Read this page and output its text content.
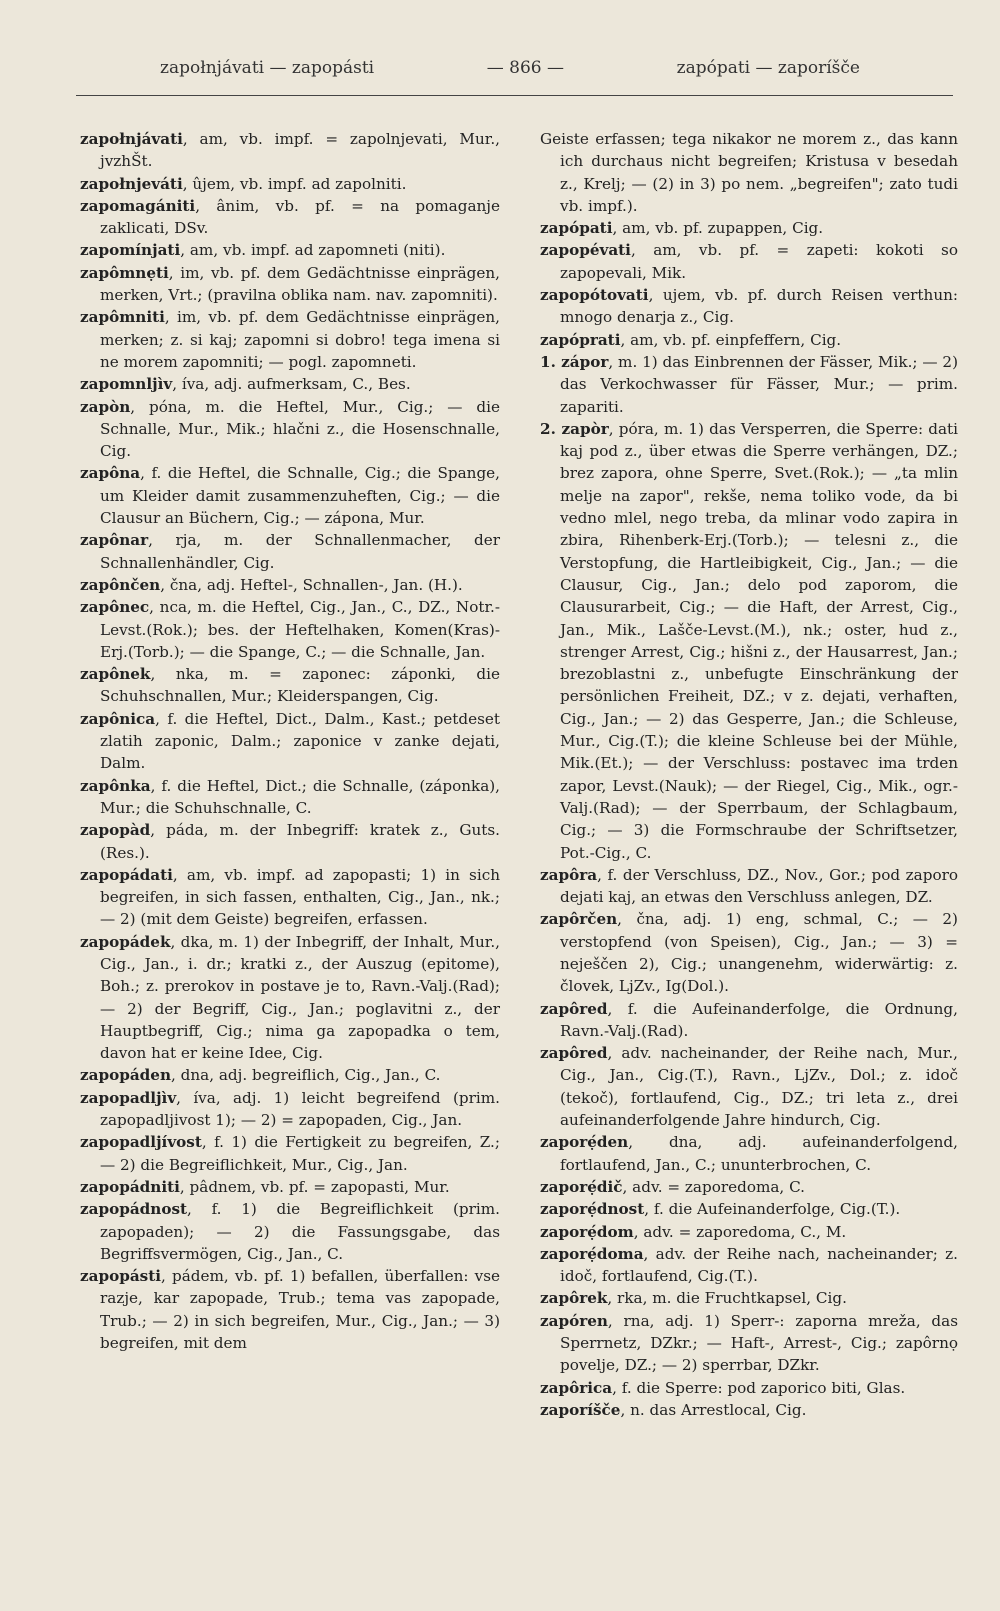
zapołnjávati — zapopásti	— 866 —	zapópati — zaporíšče

zapołnjávati, am, vb. impf. = zapolnjevati, Mur., jvzhŠt.

zapołnjeváti, ûjem, vb. impf. ad zapolniti.

zapomagániti, ânim, vb. pf. = na pomaganje zaklicati, DSv.

zapomínjati, am, vb. impf. ad zapomneti (niti).

zapômnẹti, im, vb. pf. dem Gedächtnisse einprägen, merken, Vrt.; (pravilna oblika nam. nav. zapomniti).

zapômniti, im, vb. pf. dem Gedächtnisse einprägen, merken; z. si kaj; zapomni si dobro! tega imena si ne morem zapomniti; — pogl. zapomneti.

zapomnljìv, íva, adj. aufmerksam, C., Bes.

zapòn, póna, m. die Heftel, Mur., Cig.; — die Schnalle, Mur., Mik.; hlačni z., die Hosenschnalle, Cig.

zapôna, f. die Heftel, die Schnalle, Cig.; die Spange, um Kleider damit zusammenzuheften, Cig.; — die Clausur an Büchern, Cig.; — zápona, Mur.

zapônar, rja, m. der Schnallenmacher, der Schnallenhändler, Cig.

zapônčen, čna, adj. Heftel-, Schnallen-, Jan. (H.).

zapônec, nca, m. die Heftel, Cig., Jan., C., DZ., Notr.-Levst.(Rok.); bes. der Heftelhaken, Komen(Kras)-Erj.(Torb.); — die Spange, C.; — die Schnalle, Jan.

zapônek, nka, m. = zaponec: záponki, die Schuhschnallen, Mur.; Kleiderspangen, Cig.

zapônica, f. die Heftel, Dict., Dalm., Kast.; petdeset zlatih zaponic, Dalm.; zaponice v zanke dejati, Dalm.

zapônka, f. die Heftel, Dict.; die Schnalle, (záponka), Mur.; die Schuhschnalle, C.

zapopàd, páda, m. der Inbegriff: kratek z., Guts.(Res.).

zapopádati, am, vb. impf. ad zapopasti; 1) in sich begreifen, in sich fassen, enthalten, Cig., Jan., nk.; — 2) (mit dem Geiste) begreifen, erfassen.

zapopádek, dka, m. 1) der Inbegriff, der Inhalt, Mur., Cig., Jan., i. dr.; kratki z., der Auszug (epitome), Boh.; z. prerokov in postave je to, Ravn.-Valj.(Rad); — 2) der Begriff, Cig., Jan.; poglavitni z., der Hauptbegriff, Cig.; nima ga zapopadka o tem, davon hat er keine Idee, Cig.

zapopáden, dna, adj. begreiflich, Cig., Jan., C.

zapopadljìv, íva, adj. 1) leicht begreifend (prim. zapopadljivost 1); — 2) = zapopaden, Cig., Jan.

zapopadljívost, f. 1) die Fertigkeit zu begreifen, Z.; — 2) die Begreiflichkeit, Mur., Cig., Jan.

zapopádniti, pâdnem, vb. pf. = zapopasti, Mur.

zapopádnost, f. 1) die Begreiflichkeit (prim. zapopaden); — 2) die Fassungsgabe, das Begriffsvermögen, Cig., Jan., C.

zapopásti, pádem, vb. pf. 1) befallen, überfallen: vse razje, kar zapopade, Trub.; tema vas zapopade, Trub.; — 2) in sich begreifen, Mur., Cig., Jan.; — 3) begreifen, mit dem

Geiste erfassen; tega nikakor ne morem z., das kann ich durchaus nicht begreifen; Kristusa v besedah z., Krelj; — (2) in 3) po nem. „begreifen"; zato tudi vb. impf.).

zapópati, am, vb. pf. zupappen, Cig.

zapopévati, am, vb. pf. = zapeti: kokoti so zapopevali, Mik.

zapopótovati, ujem, vb. pf. durch Reisen verthun: mnogo denarja z., Cig.

zapóprati, am, vb. pf. einpfeffern, Cig.

1. zápor, m. 1) das Einbrennen der Fässer, Mik.; — 2) das Verkochwasser für Fässer, Mur.; — prim. zapariti.

2. zapòr, póra, m. 1) das Versperren, die Sperre: dati kaj pod z., über etwas die Sperre verhängen, DZ.; brez zapora, ohne Sperre, Svet.(Rok.); — „ta mlin melje na zapor", rekše, nema toliko vode, da bi vedno mlel, nego treba, da mlinar vodo zapira in zbira, Rihenberk-Erj.(Torb.); — telesni z., die Verstopfung, die Hartleibigkeit, Cig., Jan.; — die Clausur, Cig., Jan.; delo pod zaporom, die Clausurarbeit, Cig.; — die Haft, der Arrest, Cig., Jan., Mik., Lašče-Levst.(M.), nk.; oster, hud z., strenger Arrest, Cig.; hišni z., der Hausarrest, Jan.; brezoblastni z., unbefugte Einschränkung der persönlichen Freiheit, DZ.; v z. dejati, verhaften, Cig., Jan.; — 2) das Gesperre, Jan.; die Schleuse, Mur., Cig.(T.); die kleine Schleuse bei der Mühle, Mik.(Et.); — der Verschluss: postavec ima trden zapor, Levst.(Nauk); — der Riegel, Cig., Mik., ogr.-Valj.(Rad); — der Sperrbaum, der Schlagbaum, Cig.; — 3) die Formschraube der Schriftsetzer, Pot.-Cig., C.

zapôra, f. der Verschluss, DZ., Nov., Gor.; pod zaporo dejati kaj, an etwas den Verschluss anlegen, DZ.

zapôrčen, čna, adj. 1) eng, schmal, C.; — 2) verstopfend (von Speisen), Cig., Jan.; — 3) = neješčen 2), Cig.; unangenehm, widerwärtig: z. človek, LjZv., Ig(Dol.).

zapôred, f. die Aufeinanderfolge, die Ordnung, Ravn.-Valj.(Rad).

zapôred, adv. nacheinander, der Reihe nach, Mur., Cig., Jan., Cig.(T.), Ravn., LjZv., Dol.; z. idoč (tekoč), fortlaufend, Cig., DZ.; tri leta z., drei aufeinanderfolgende Jahre hindurch, Cig.

zaporẹ́den, dna, adj. aufeinanderfolgend, fortlaufend, Jan., C.; ununterbrochen, C.

zaporẹ́dič, adv. = zaporedoma, C.

zaporẹ́dnost, f. die Aufeinanderfolge, Cig.(T.).

zaporẹ́dom, adv. = zaporedoma, C., M.

zaporẹ́doma, adv. der Reihe nach, nacheinander; z. idoč, fortlaufend, Cig.(T.).

zapôrek, rka, m. die Fruchtkapsel, Cig.

zapóren, rna, adj. 1) Sperr-: zaporna mreža, das Sperrnetz, DZkr.; — Haft-, Arrest-, Cig.; zapôrnọ povelje, DZ.; — 2) sperrbar, DZkr.

zapôrica, f. die Sperre: pod zaporico biti, Glas.

zaporíšče, n. das Arrestlocal, Cig.
